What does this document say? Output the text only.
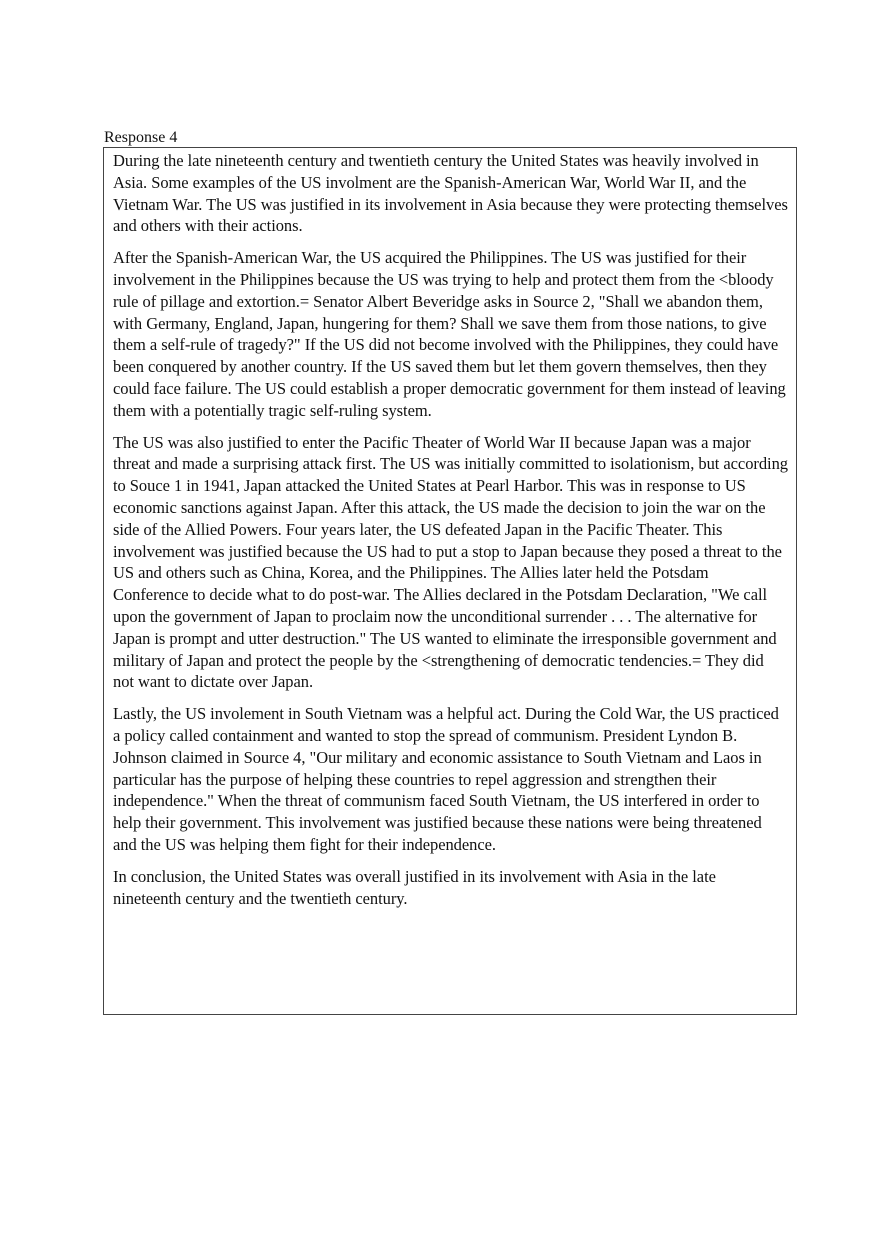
Response 4

During the late nineteenth century and twentieth century the United States was heavily involved in Asia. Some examples of the US involment are the Spanish-American War, World War II, and the Vietnam War. The US was justified in its involvement in Asia because they were protecting themselves and others with their actions.

After the Spanish-American War, the US acquired the Philippines. The US was justified for their involvement in the Philippines because the US was trying to help and protect them from the <bloody rule of pillage and extortion.= Senator Albert Beveridge asks in Source 2, "Shall we abandon them, with Germany, England, Japan, hungering for them? Shall we save them from those nations, to give them a self-rule of tragedy?" If the US did not become involved with the Philippines, they could have been conquered by another country. If the US saved them but let them govern themselves, then they could face failure. The US could establish a proper democratic government for them instead of leaving them with a potentially tragic self-ruling system.

The US was also justified to enter the Pacific Theater of World War II because Japan was a major threat and made a surprising attack first. The US was initially committed to isolationism, but according to Souce 1 in 1941, Japan attacked the United States at Pearl Harbor. This was in response to US economic sanctions against Japan. After this attack, the US made the decision to join the war on the side of the Allied Powers. Four years later, the US defeated Japan in the Pacific Theater. This involvement was justified because the US had to put a stop to Japan because they posed a threat to the US and others such as China, Korea, and the Philippines. The Allies later held the Potsdam Conference to decide what to do post-war. The Allies declared in the Potsdam Declaration, "We call upon the government of Japan to proclaim now the unconditional surrender . . . The alternative for Japan is prompt and utter destruction." The US wanted to eliminate the irresponsible government and military of Japan and protect the people by the <strengthening of democratic tendencies.= They did not want to dictate over Japan.

Lastly, the US involement in South Vietnam was a helpful act. During the Cold War, the US practiced a policy called containment and wanted to stop the spread of communism. President Lyndon B. Johnson claimed in Source 4, "Our military and economic assistance to South Vietnam and Laos in particular has the purpose of helping these countries to repel aggression and strengthen their independence." When the threat of communism faced South Vietnam, the US interfered in order to help their government. This involvement was justified because these nations were being threatened and the US was helping them fight for their independence.

In conclusion, the United States was overall justified in its involvement with Asia in the late nineteenth century and the twentieth century.
